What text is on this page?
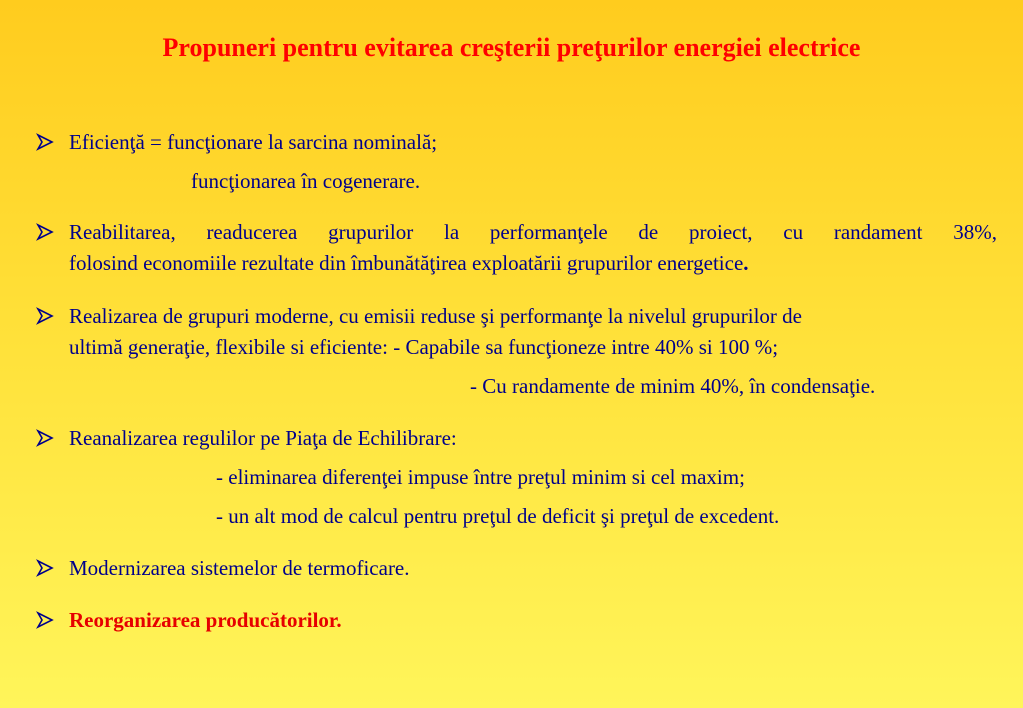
Propuneri pentru evitarea creşterii preţurilor energiei electrice
Eficienţă = funcţionare la sarcina nominală;
funcţionarea în cogenerare.
Reabilitarea, readucerea grupurilor la performanţele de proiect, cu randament 38%,
folosind economiile rezultate din îmbunătăţirea exploatării grupurilor energetice.
Realizarea de grupuri moderne, cu emisii reduse şi performanţe la nivelul grupurilor de
ultimă generaţie, flexibile si eficiente: - Capabile sa funcţioneze intre 40% si 100 %;
- Cu randamente de minim 40%, în condensaţie.
Reanalizarea regulilor pe Piaţa de Echilibrare:
- eliminarea diferenţei impuse între preţul minim si cel maxim;
- un alt mod de calcul pentru preţul de deficit şi preţul de excedent.
Modernizarea sistemelor de termoficare.
Reorganizarea producătorilor.
